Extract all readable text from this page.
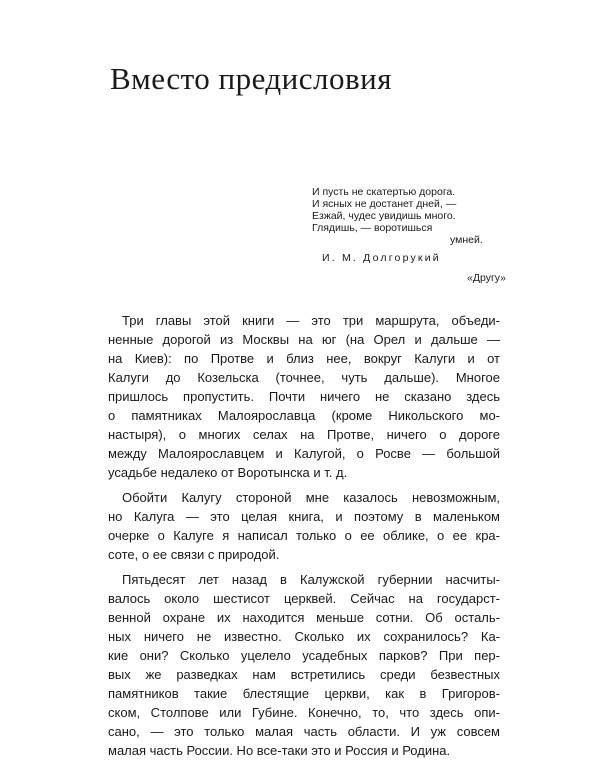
Вместо предисловия
И пусть не скатертью дорога.
И ясных не достанет дней, —
Езжай, чудес увидишь много.
Глядишь, — воротишься
умней.
И. М. Долгорукий
«Другу»

Три главы этой книги — это три маршрута, объеди-
ненные дорогой из Москвы на юг (на Орел и дальше —
на Киев): по Протве и близ нее, вокруг Калуги и от
Калуги до Козельска (точнее, чуть дальше). Многое
пришлось пропустить. Почти ничего не сказано здесь
о памятниках Малоярославца (кроме Никольского мо-
настыря), о многих селах на Протве, ничего о дороге
между Малоярославцем и Калугой, о Росве — большой
усадьбе недалеко от Воротынска и т. д.

Обойти Калугу стороной мне казалось невозможным,
но Калуга — это целая книга, и поэтому в маленьком
очерке о Калуге я написал только о ее облике, о ее кра-
соте, о ее связи с природой.

Пятьдесят лет назад в Калужской губернии насчиты-
валось около шестисот церквей. Сейчас на государст-
венной охране их находится меньше сотни. Об осталь-
ных ничего не известно. Сколько их сохранилось? Ка-
кие они? Сколько уцелело усадебных парков? При пер-
вых же разведках нам встретились среди безвестных
памятников такие блестящие церкви, как в Григоров-
ском, Столпове или Губине. Конечно, то, что здесь опи-
сано, — это только малая часть области. И уж совсем
малая часть России. Но все-таки это и Россия и Родина.
